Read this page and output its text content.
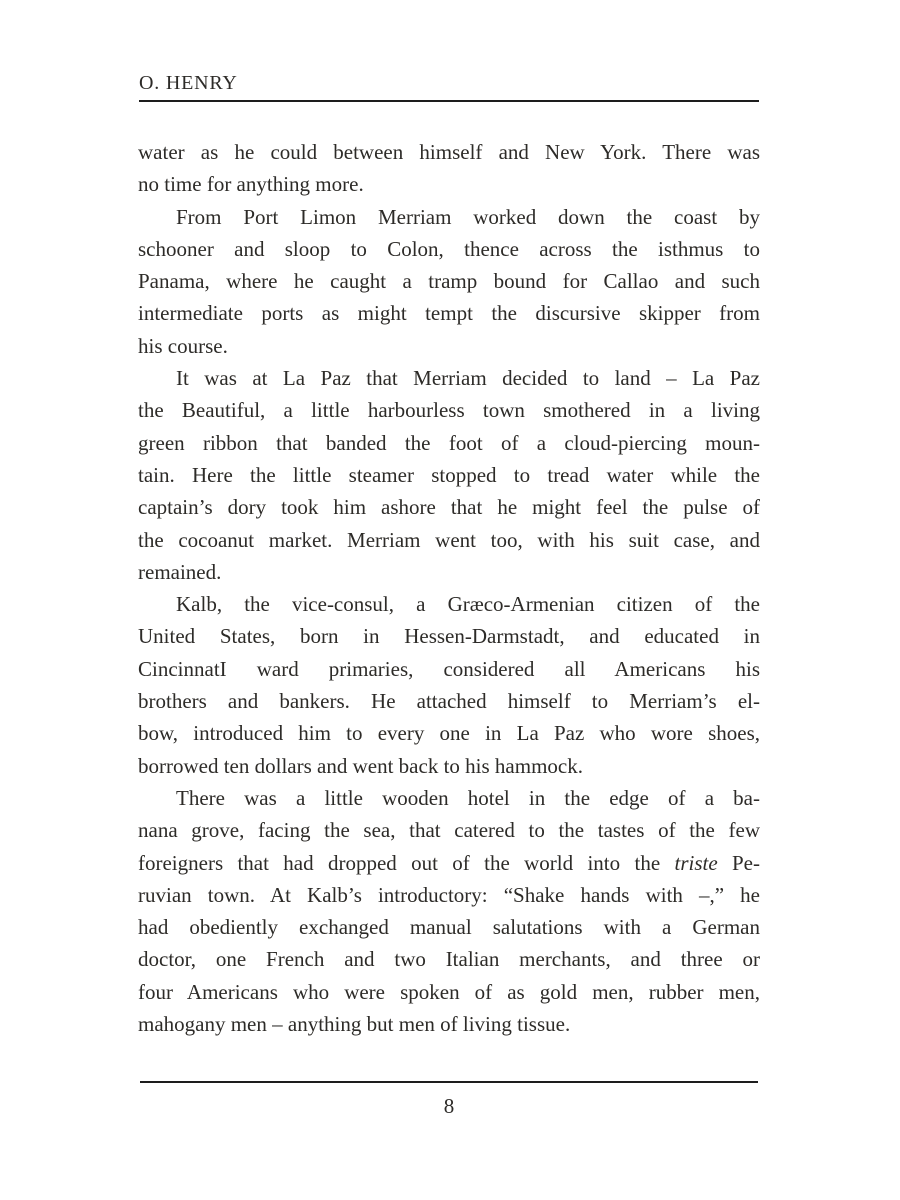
O. HENRY
water as he could between himself and New York. There was
no time for anything more.
From Port Limon Merriam worked down the coast by
schooner and sloop to Colon, thence across the isthmus to
Panama, where he caught a tramp bound for Callao and such
intermediate ports as might tempt the discursive skipper from
his course.
It was at La Paz that Merriam decided to land – La Paz
the Beautiful, a little harbourless town smothered in a living
green ribbon that banded the foot of a cloud-piercing moun-
tain. Here the little steamer stopped to tread water while the
captain’s dory took him ashore that he might feel the pulse of
the cocoanut market. Merriam went too, with his suit case, and
remained.
Kalb, the vice-consul, a Græco-Armenian citizen of the
United States, born in Hessen-Darmstadt, and educated in
CincinnatI ward primaries, considered all Americans his
brothers and bankers. He attached himself to Merriam’s el-
bow, introduced him to every one in La Paz who wore shoes,
borrowed ten dollars and went back to his hammock.
There was a little wooden hotel in the edge of a ba-
nana grove, facing the sea, that catered to the tastes of the few
foreigners that had dropped out of the world into the triste Pe-
ruvian town. At Kalb’s introductory: “Shake hands with –,” he
had obediently exchanged manual salutations with a German
doctor, one French and two Italian merchants, and three or
four Americans who were spoken of as gold men, rubber men,
mahogany men – anything but men of living tissue.
8
